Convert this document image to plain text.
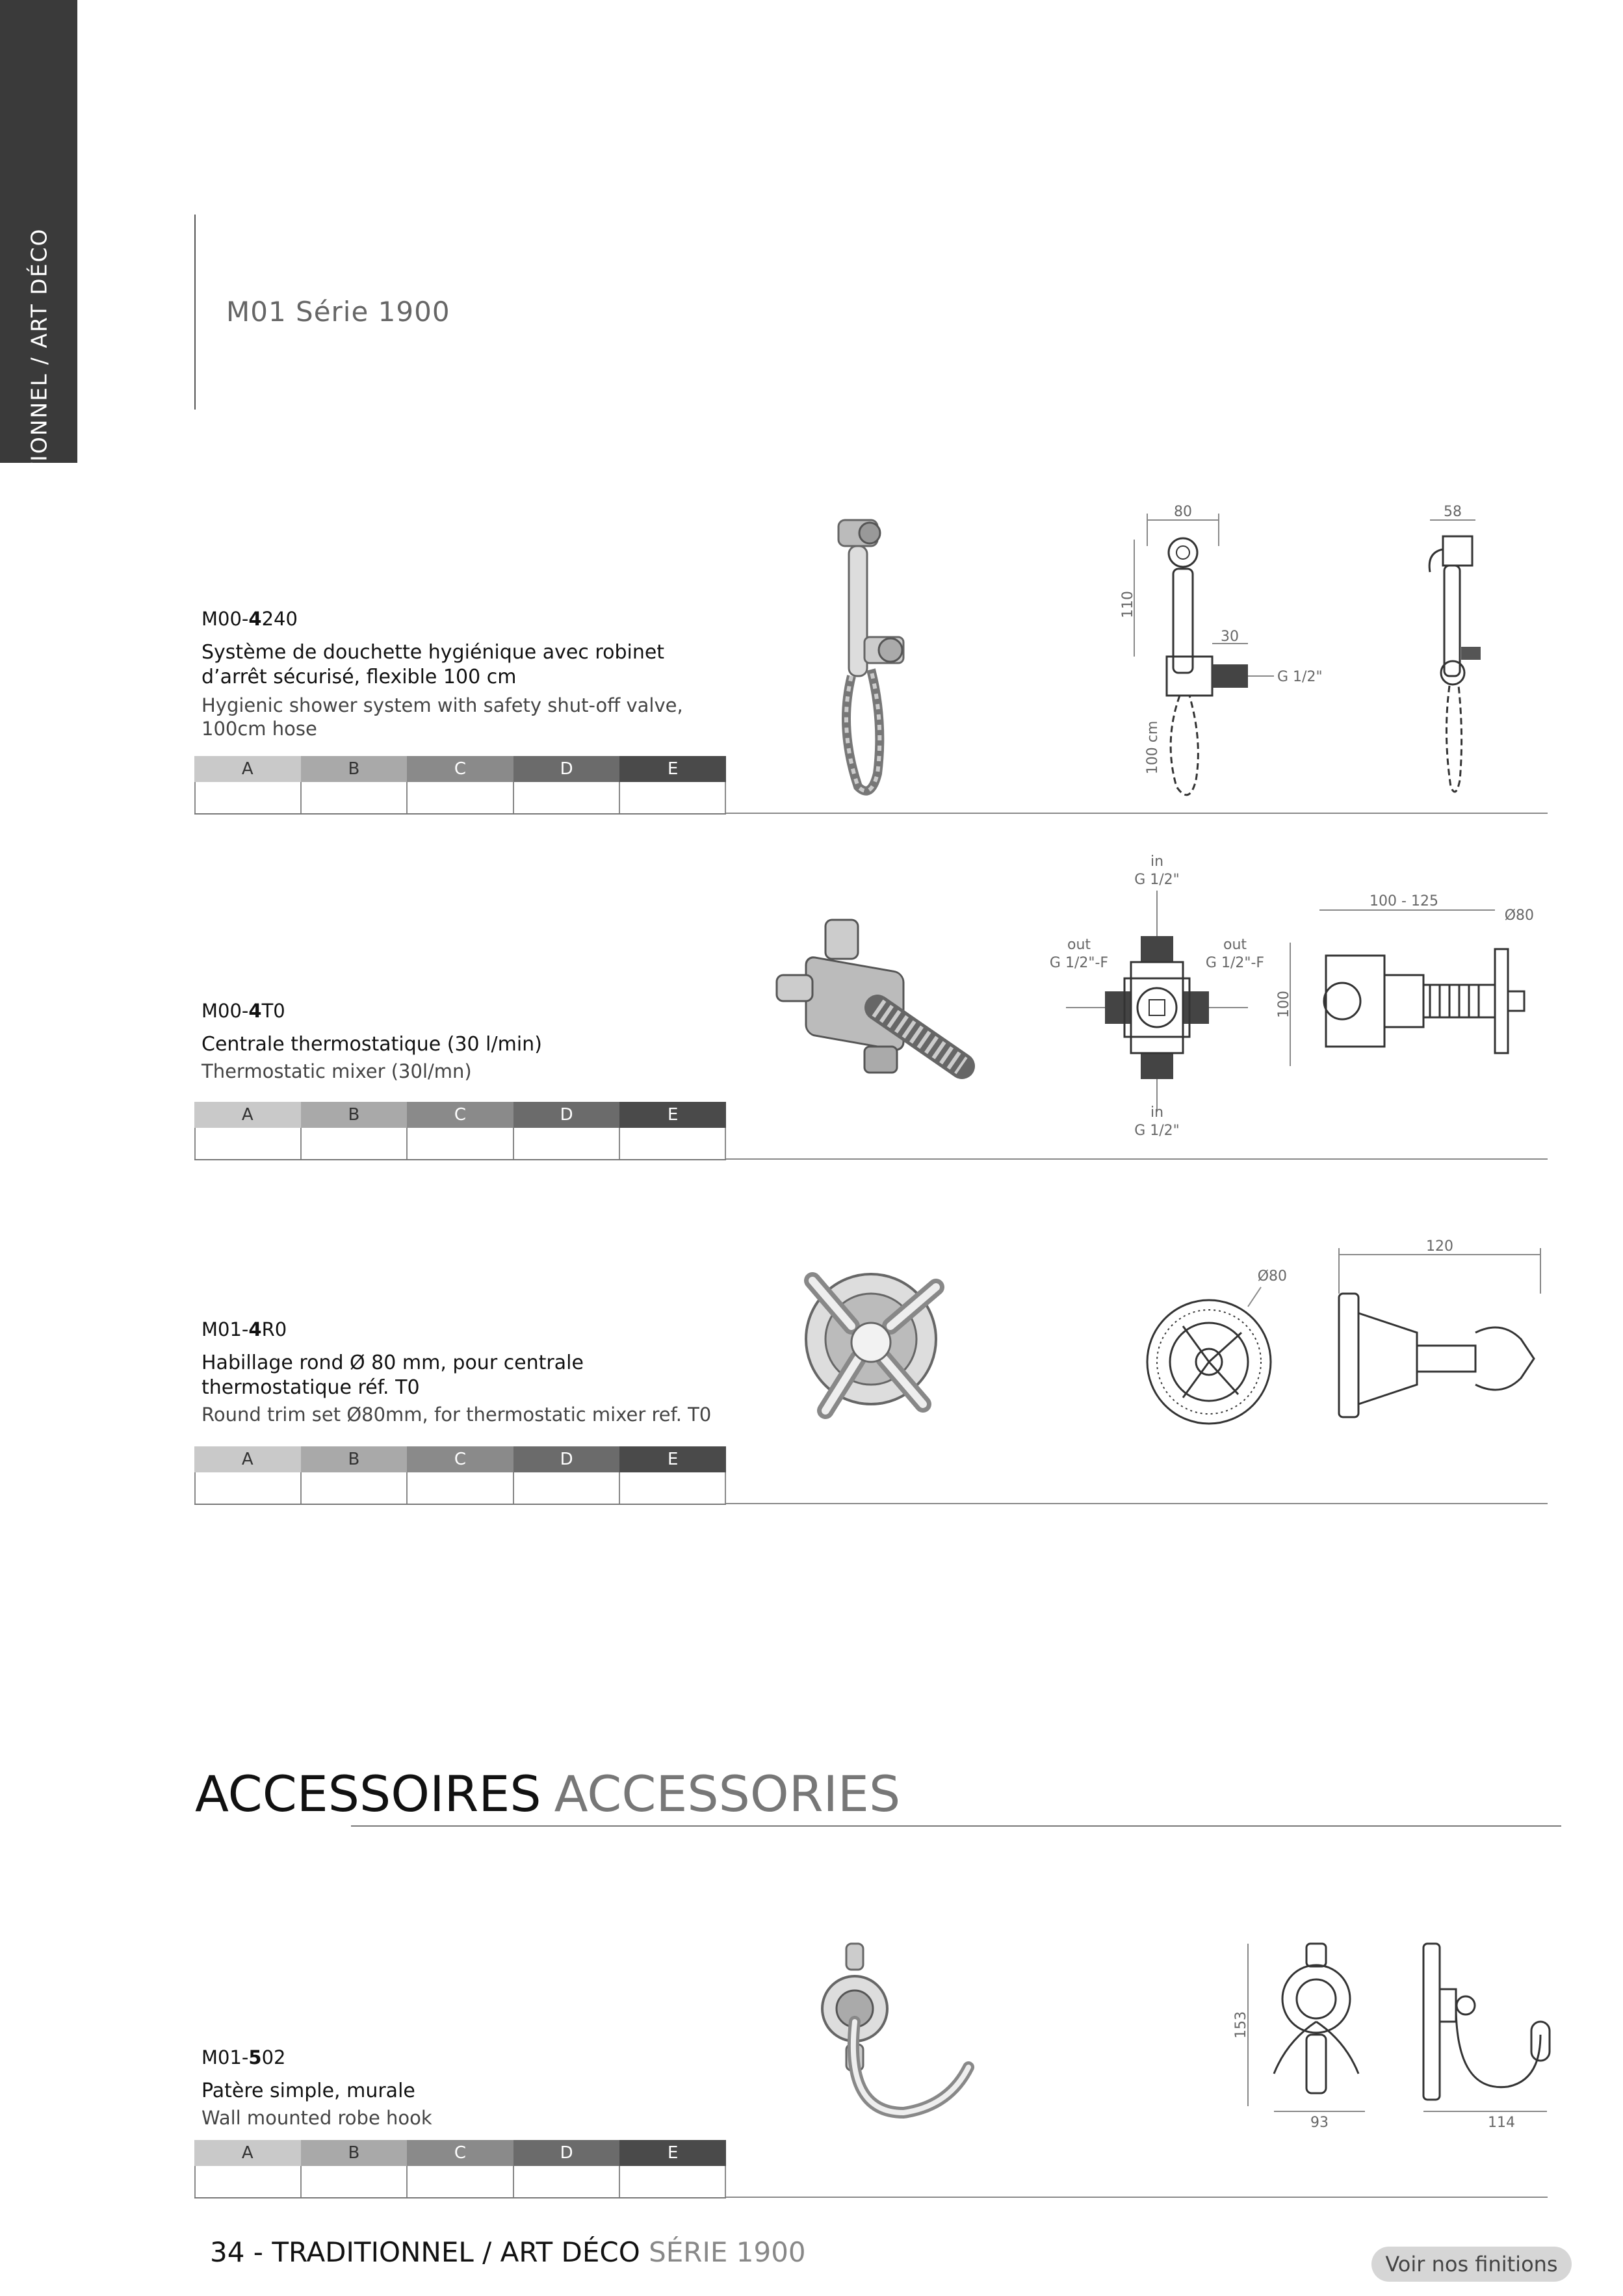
TRADITIONNEL / ART DÉCO	M01 Série 1900
M00-4240
Système de douchette hygiénique avec robinet d’arrêt sécurisé, flexible 100 cm
Hygienic shower system with safety shut-off valve, 100cm hose
A	B	C	D	E
80
110
30
G 1/2"
100 cm
58
M00-4T0
Centrale thermostatique (30 l/min)
Thermostatic mixer (30l/mn)
A	B	C	D	E
in
G 1/2"
out
G 1/2"-F
out
G 1/2"-F
in
G 1/2"
100 - 125
Ø80
100
M01-4R0
Habillage rond Ø 80 mm, pour centrale thermostatique réf. T0
Round trim set Ø80mm, for thermostatic mixer ref. T0
A	B	C	D	E
Ø80
120
ACCESSOIRES ACCESSORIES
M01-502
Patère simple, murale
Wall mounted robe hook
A	B	C	D	E
153
93	114
34 - TRADITIONNEL / ART DÉCO SÉRIE 1900	Voir nos finitions
